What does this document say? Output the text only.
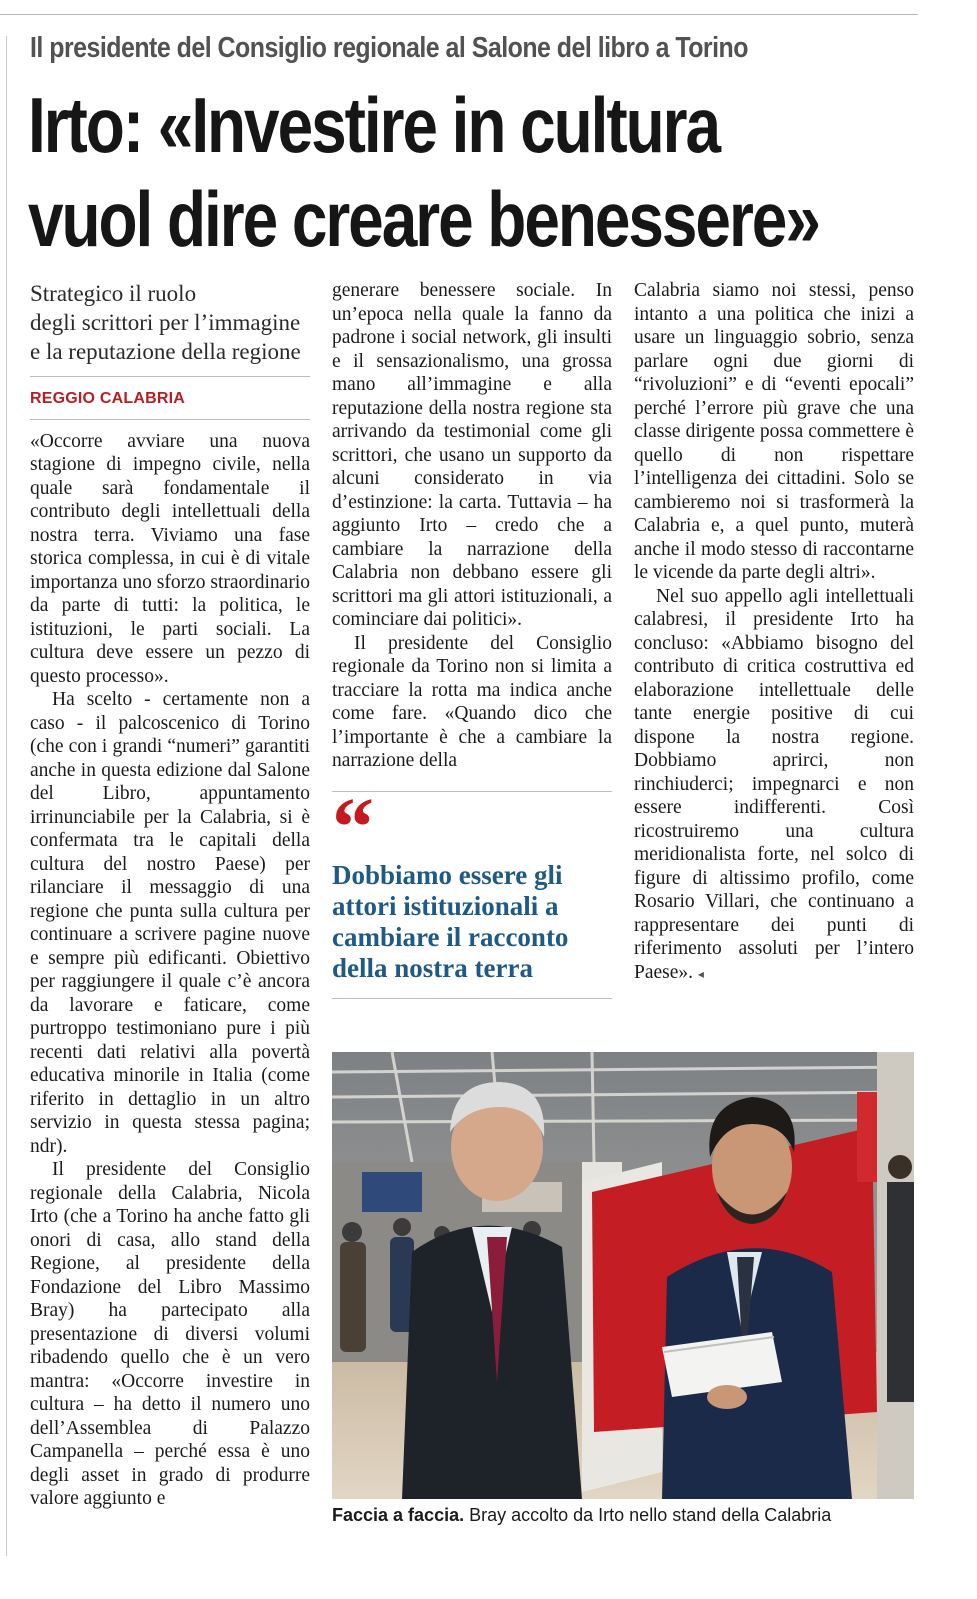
Il presidente del Consiglio regionale al Salone del libro a Torino
Irto: «Investire in cultura
vuol dire creare benessere»
Strategico il ruolo
degli scrittori per l’immagine
e la reputazione della regione
REGGIO CALABRIA

«Occorre avviare una nuova stagione di impegno civile, nella quale sarà fondamentale il contributo degli intellettuali della nostra terra. Viviamo una fase storica complessa, in cui è di vitale importanza uno sforzo straordinario da parte di tutti: la politica, le istituzioni, le parti sociali. La cultura deve essere un pezzo di questo processo».

Ha scelto - certamente non a caso - il palcoscenico di Torino (che con i grandi “numeri” garantiti anche in questa edizione dal Salone del Libro, appuntamento irrinunciabile per la Calabria, si è confermata tra le capitali della cultura del nostro Paese) per rilanciare il messaggio di una regione che punta sulla cultura per continuare a scrivere pagine nuove e sempre più edificanti. Obiettivo per raggiungere il quale c’è ancora da lavorare e faticare, come purtroppo testimoniano pure i più recenti dati relativi alla povertà educativa minorile in Italia (come riferito in dettaglio in un altro servizio in questa stessa pagina; ndr).

Il presidente del Consiglio regionale della Calabria, Nicola Irto (che a Torino ha anche fatto gli onori di casa, allo stand della Regione, al presidente della Fondazione del Libro Massimo Bray) ha partecipato alla presentazione di diversi volumi ribadendo quello che è un vero mantra: «Occorre investire in cultura – ha detto il numero uno dell’Assemblea di Palazzo Campanella – perché essa è uno degli asset in grado di produrre valore aggiunto e

generare benessere sociale. In un’epoca nella quale la fanno da padrone i social network, gli insulti e il sensazionalismo, una grossa mano all’immagine e alla reputazione della nostra regione sta arrivando da testimonial come gli scrittori, che usano un supporto da alcuni considerato in via d’estinzione: la carta. Tuttavia – ha aggiunto Irto – credo che a cambiare la narrazione della Calabria non debbano essere gli scrittori ma gli attori istituzionali, a cominciare dai politici».

Il presidente del Consiglio regionale da Torino non si limita a tracciare la rotta ma indica anche come fare. «Quando dico che l’importante è che a cambiare la narrazione della

“
Dobbiamo essere gli attori istituzionali a cambiare il racconto della nostra terra

Calabria siamo noi stessi, penso intanto a una politica che inizi a usare un linguaggio sobrio, senza parlare ogni due giorni di “rivoluzioni” e di “eventi epocali” perché l’errore più grave che una classe dirigente possa commettere è quello di non rispettare l’intelligenza dei cittadini. Solo se cambieremo noi si trasformerà la Calabria e, a quel punto, muterà anche il modo stesso di raccontarne le vicende da parte degli altri».

Nel suo appello agli intellettuali calabresi, il presidente Irto ha concluso: «Abbiamo bisogno del contributo di critica costruttiva ed elaborazione intellettuale delle tante energie positive di cui dispone la nostra regione. Dobbiamo aprirci, non rinchiuderci; impegnarci e non essere indifferenti. Così ricostruiremo una cultura meridionalista forte, nel solco di figure di altissimo profilo, come Rosario Villari, che continuano a rappresentare dei punti di riferimento assoluti per l’intero Paese». ◂

Faccia a faccia. Bray accolto da Irto nello stand della Calabria
